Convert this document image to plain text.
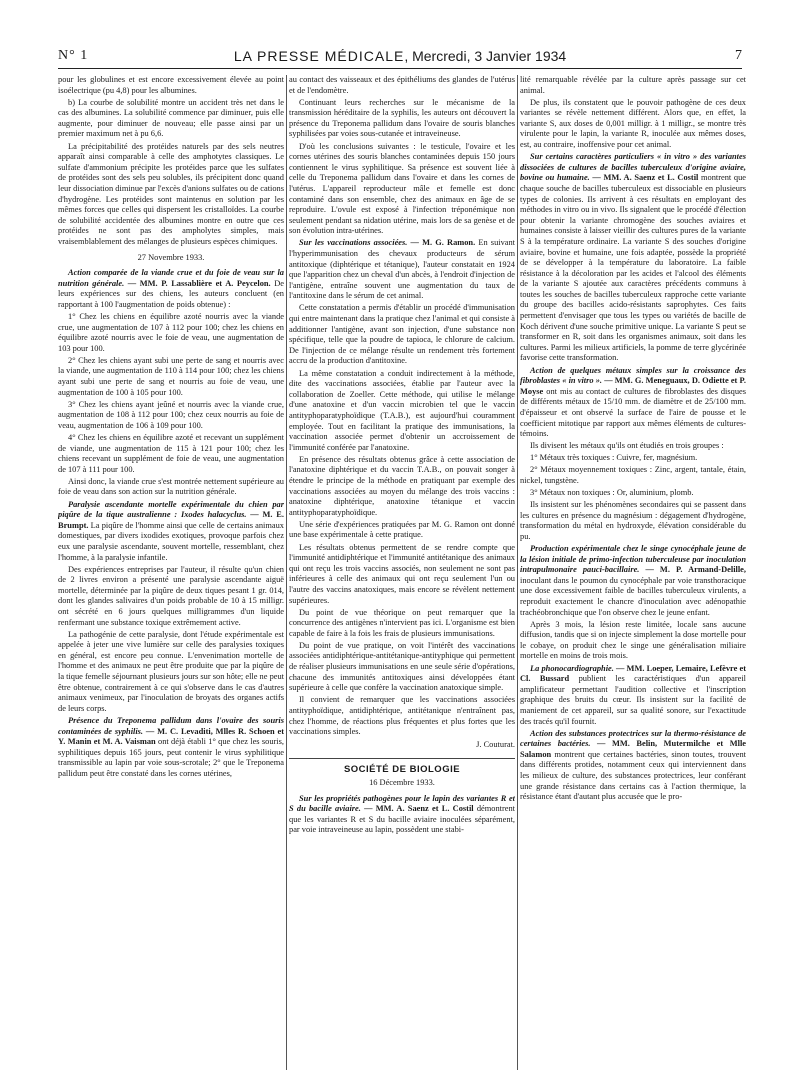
N° 1	LA PRESSE MÉDICALE, Mercredi, 3 Janvier 1934	7

pour les globulines et est encore excessivement élevée au point isoélectrique (pu 4,8) pour les albumines.

b) La courbe de solubilité montre un accident très net dans le cas des albumines. La solubilité commence par diminuer, puis elle augmente, pour diminuer de nouveau; elle passe ainsi par un premier maximum net à pu 6,6.

La précipitabilité des protéides naturels par des sels neutres apparaît ainsi comparable à celle des amphotytes classiques. Le sulfate d'ammonium précipite les protéides parce que les sulfates de protéides sont des sels peu solubles, ils précipitent donc quand leur dissociation diminue par l'excès d'anions sulfates ou de cations d'hydrogène. Les protéides sont maintenus en solution par les mêmes forces que celles qui dispersent les cristalloïdes. La courbe de solubilité accidentée des albumines montre en outre que ces protéides ne sont pas des ampholytes simples, mais vraisemblablement des mélanges de plusieurs espèces chimiques.

27 Novembre 1933.

Action comparée de la viande crue et du foie de veau sur la nutrition générale. — MM. P. Lassablière et A. Peycelon. De leurs expériences sur des chiens, les auteurs concluent (en rapportant à 100 l'augmentation de poids obtenue) :

1° Chez les chiens en équilibre azoté nourris avec la viande crue, une augmentation de 107 à 112 pour 100; chez les chiens en équilibre azoté nourris avec le foie de veau, une augmentation de 103 pour 100.

2° Chez les chiens ayant subi une perte de sang et nourris avec la viande, une augmentation de 110 à 114 pour 100; chez les chiens ayant subi une perte de sang et nourris au foie de veau, une augmentation de 100 à 105 pour 100.

3° Chez les chiens ayant jeûné et nourris avec la viande crue, augmentation de 108 à 112 pour 100; chez ceux nourris au foie de veau, augmentation de 106 à 109 pour 100.

4° Chez les chiens en équilibre azoté et recevant un supplément de viande, une augmentation de 115 à 121 pour 100; chez les chiens recevant un supplément de foie de veau, une augmentation de 107 à 111 pour 100.

Ainsi donc, la viande crue s'est montrée nettement supérieure au foie de veau dans son action sur la nutrition générale.

Paralysie ascendante mortelle expérimentale du chien par piqûre de la tique australienne : Ixodes halacyclus. — M. E. Brumpt. La piqûre de l'homme ainsi que celle de certains animaux domestiques, par divers ixodides exotiques, provoque parfois chez eux une paralysie ascendante, souvent mortelle, ressemblant, chez l'homme, à la paralysie infantile.

Des expériences entreprises par l'auteur, il résulte qu'un chien de 2 livres environ a présenté une paralysie ascendante aiguë mortelle, déterminée par la piqûre de deux tiques pesant 1 gr. 014, dont les glandes salivaires d'un poids probable de 10 à 15 milligr. ont sécrété en 6 jours quelques milligrammes d'un liquide renfermant une substance toxique extrêmement active.

La pathogénie de cette paralysie, dont l'étude expérimentale est appelée à jeter une vive lumière sur celle des paralysies toxiques en général, est encore peu connue. L'envenimation mortelle de l'homme et des animaux ne peut être produite que par la piqûre de la tique femelle séjournant plusieurs jours sur son hôte; elle ne peut être obtenue, contrairement à ce qui s'observe dans le cas d'autres animaux venimeux, par l'inoculation de broyats des organes actifs de leurs corps.

Présence du Treponema pallidum dans l'ovaire des souris contaminées de syphilis. — M. C. Levaditi, Mlles R. Schoen et Y. Manin et M. A. Vaisman ont déjà établi 1° que chez les souris, syphilitiques depuis 165 jours, peut contenir le virus syphilitique transmissible au lapin par voie sous-scrotale; 2° que le Treponema pallidum peut être constaté dans les cornes utérines,

au contact des vaisseaux et des épithéliums des glandes de l'utérus et de l'endomètre.

Continuant leurs recherches sur le mécanisme de la transmission héréditaire de la syphilis, les auteurs ont découvert la présence du Treponema pallidum dans l'ovaire de souris blanches syphilisées par voies sous-cutanée et intraveineuse.

D'où les conclusions suivantes : le testicule, l'ovaire et les cornes utérines des souris blanches contaminées depuis 150 jours contiennent le virus syphilitique. Sa présence est souvent liée à celle du Treponema pallidum dans l'ovaire et dans les cornes de l'utérus. L'appareil reproducteur mâle et femelle est donc contaminé dans son ensemble, chez des animaux en âge de se reproduire. L'ovule est exposé à l'infection tréponémique non seulement pendant sa nidation utérine, mais lors de sa genèse et de son évolution intra-utérines.

Sur les vaccinations associées. — M. G. Ramon. En suivant l'hyperimmunisation des chevaux producteurs de sérum antitoxique (diphtérique et tétanique), l'auteur constatait en 1924 que l'apparition chez un cheval d'un abcès, à l'endroit d'injection de l'antigène, entraîne souvent une augmentation du taux de l'antitoxine dans le sérum de cet animal.

Cette constatation a permis d'établir un procédé d'immunisation qui entre maintenant dans la pratique chez l'animal et qui consiste à additionner l'antigène, avant son injection, d'une substance non spécifique, telle que la poudre de tapioca, le chlorure de calcium. De l'injection de ce mélange résulte un rendement très fortement accru de la production d'antitoxine.

La même constatation a conduit indirectement à la méthode, dite des vaccinations associées, établie par l'auteur avec la collaboration de Zoeller. Cette méthode, qui utilise le mélange d'une anatoxine et d'un vaccin microbien tel que le vaccin antityphoparatyphoïdique (T.A.B.), est aujourd'hui couramment employée. Tout en facilitant la pratique des immunisations, la vaccination associée permet d'obtenir un accroissement de l'immunité conférée par l'anatoxine.

En présence des résultats obtenus grâce à cette association de l'anatoxine diphtérique et du vaccin T.A.B., on pouvait songer à étendre le principe de la méthode en pratiquant par exemple des vaccinations associées au moyen du mélange des trois vaccins : anatoxine diphtérique, anatoxine tétanique et vaccin antityphoparatyphoïdique.

Une série d'expériences pratiquées par M. G. Ramon ont donné une base expérimentale à cette pratique.

Les résultats obtenus permettent de se rendre compte que l'immunité antidiphtérique et l'immunité antitétanique des animaux qui ont reçu les trois vaccins associés, non seulement ne sont pas inférieures à celle des animaux qui ont reçu seulement l'un ou l'autre des vaccins anatoxiques, mais encore se révèlent nettement supérieures.

Du point de vue théorique on peut remarquer que la concurrence des antigènes n'intervient pas ici. L'organisme est bien capable de faire à la fois les frais de plusieurs immunisations.

Du point de vue pratique, on voit l'intérêt des vaccinations associées antidiphtérique-antitétanique-antityphique qui permettent de réaliser plusieurs immunisations en une seule série d'opérations, chacune des immunités antitoxiques ainsi développées étant supérieure à celle que confère la vaccination anatoxique simple.

Il convient de remarquer que les vaccinations associées antityphoïdique, antidiphtérique, antitétanique n'entraînent pas, chez l'homme, de réactions plus fréquentes et plus fortes que les vaccinations simples.

J. Couturat.

SOCIÉTÉ DE BIOLOGIE
16 Décembre 1933.

Sur les propriétés pathogènes pour le lapin des variantes R et S du bacille aviaire. — MM. A. Saenz et L. Costil démontrent que les variantes R et S du bacille aviaire inoculées séparément, par voie intraveineuse au lapin, possèdent une stabi-

lité remarquable révélée par la culture après passage sur cet animal.

De plus, ils constatent que le pouvoir pathogène de ces deux variantes se révèle nettement différent. Alors que, en effet, la variante S, aux doses de 0,001 milligr. à 1 milligr., se montre très virulente pour le lapin, la variante R, inoculée aux mêmes doses, est, au contraire, inoffensive pour cet animal.

Sur certains caractères particuliers « in vitro » des variantes dissociées de cultures de bacilles tuberculeux d'origine aviaire, bovine ou humaine. — MM. A. Saenz et L. Costil montrent que chaque souche de bacilles tuberculeux est dissociable en plusieurs types de colonies. Ils arrivent à ces résultats en employant des méthodes in vitro ou in vivo. Ils signalent que le procédé d'élection pour obtenir la variante chromogène des souches aviaires et humaines consiste à laisser vieillir des cultures pures de la variante S à la température ordinaire. La variante S des souches d'origine aviaire, bovine et humaine, une fois adaptée, possède la propriété de se développer à la température du laboratoire. La faible résistance à la décoloration par les acides et l'alcool des éléments de la variante S ajoutée aux caractères précédents communs à toutes les souches de bacilles tuberculeux rapproche cette variante du groupe des bacilles acido-résistants saprophytes. Ces faits permettent d'envisager que tous les types ou variétés de bacille de Koch dérivent d'une souche primitive unique. La variante S peut se transformer en R, soit dans les organismes animaux, soit dans les cultures. Parmi les milieux artificiels, la pomme de terre glycérinée favorise cette transformation.

Action de quelques métaux simples sur la croissance des fibroblastes « in vitro ». — MM. G. Meneguaux, D. Odiette et P. Moyse ont mis au contact de cultures de fibroblastes des disques de différents métaux de 15/10 mm. de diamètre et de 25/100 mm. d'épaisseur et ont observé la surface de l'aire de pousse et le coefficient mitotique par rapport aux mêmes éléments de cultures-témoins.

Ils divisent les métaux qu'ils ont étudiés en trois groupes :

1° Métaux très toxiques : Cuivre, fer, magnésium.

2° Métaux moyennement toxiques : Zinc, argent, tantale, étain, nickel, tungstène.

3° Métaux non toxiques : Or, aluminium, plomb.

Ils insistent sur les phénomènes secondaires qui se passent dans les cultures en présence du magnésium : dégagement d'hydrogène, transformation du métal en hydroxyde, élévation considérable du pu.

Production expérimentale chez le singe cynocéphale jeune de la lésion initiale de primo-infection tuberculeuse par inoculation intrapulmonaire pauci-bacillaire. — M. P. Armand-Delille, inoculant dans le poumon du cynocéphale par voie transthoracique une dose excessivement faible de bacilles tuberculeux virulents, a reproduit exactement le chancre d'inoculation avec adénopathie trachéobronchique que l'on observe chez le jeune enfant.

Après 3 mois, la lésion reste limitée, locale sans aucune diffusion, tandis que si on injecte simplement la dose mortelle pour le cobaye, on produit chez le singe une généralisation miliaire mortelle en moins de trois mois.

La phonocardiographie. — MM. Loeper, Lemaire, Lefèvre et Cl. Bussard publient les caractéristiques d'un appareil amplificateur permettant l'audition collective et l'inscription graphique des bruits du cœur. Ils insistent sur la facilité de maniement de cet appareil, sur sa qualité sonore, sur l'exactitude des tracés qu'il fournit.

Action des substances protectrices sur la thermo-résistance de certaines bactéries. — MM. Belin, Mutermilche et Mlle Salamon montrent que certaines bactéries, sinon toutes, trouvent dans différents protides, notamment ceux qui interviennent dans les milieux de culture, des substances protectrices, leur conférant une grande résistance dans certains cas à l'action thermique, la résistance étant d'autant plus accusée que le pro-
